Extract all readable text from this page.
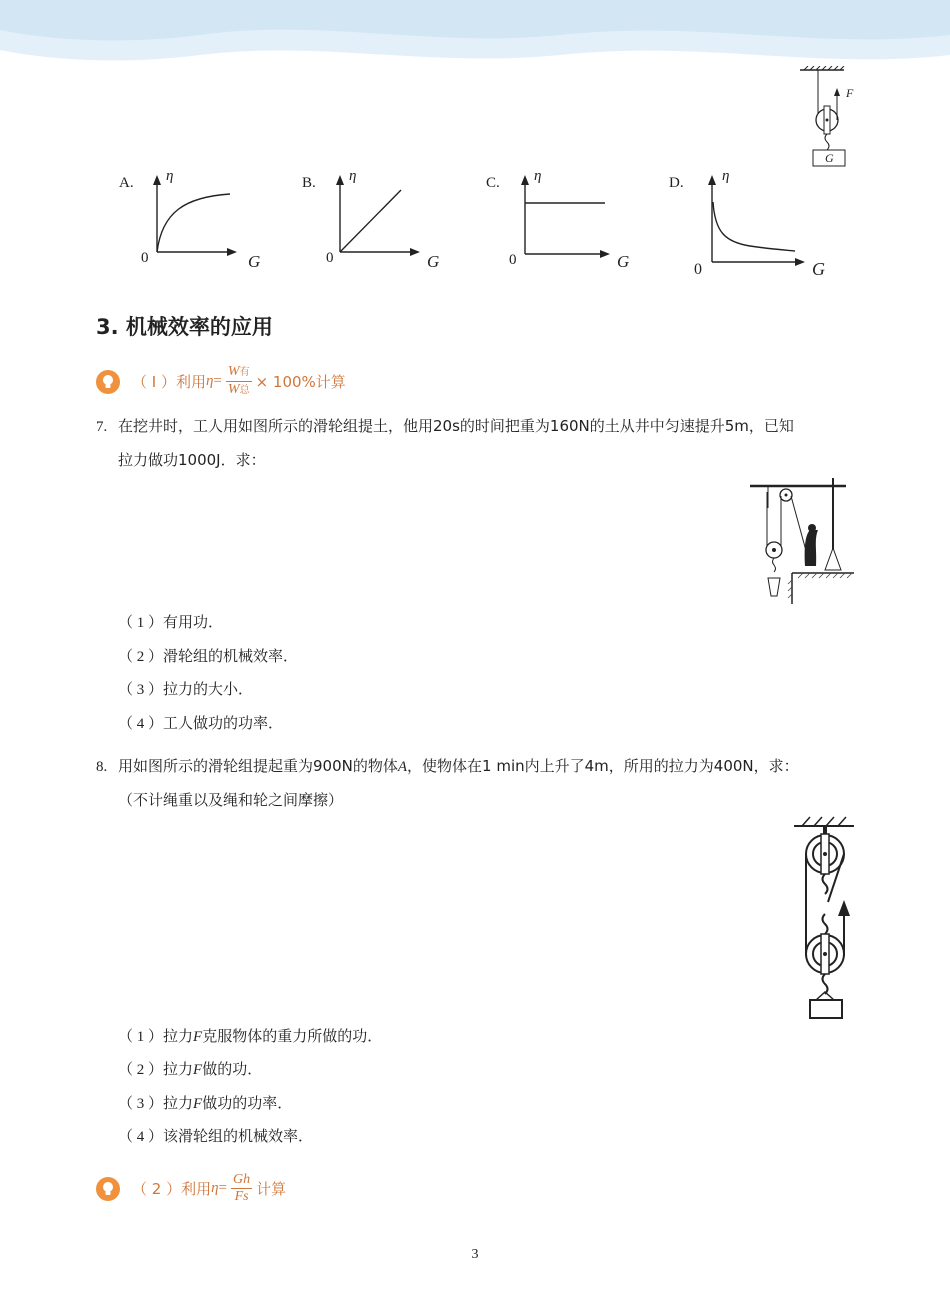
F
G
A. η
0	G
B. η
0	G
C. η
0	G
D.	η
0	G
3. 机械效率的应用
（ I ）利用 $\eta = \frac{\text{W有}}{\text{W总}} \times 100\%$计算
7. 在挖井时，工人用如图所示的滑轮组提土，他用20s的时间把重为160N的土从井中匀速提升5m，已知
拉力做功1000J．求：
（ 1 ）有用功．
（ 2 ）滑轮组的机械效率．
（ 3 ）拉力的大小．
（ 4 ）工人做功的功率．
8. 用如图所示的滑轮组提起重为900N的物体A，使物体在1 min内上升了4m，所用的拉力为400N，求：
（不计绳重以及绳和轮之间摩擦）
（ 1 ）拉力F克服物体的重力所做的功．
（ 2 ）拉力F做的功．
（ 3 ）拉力F做功的功率．
（ 4 ）该滑轮组的机械效率．
（ 2 ）利用 $\eta = \frac{Gh}{Fs}$ 计算
3
